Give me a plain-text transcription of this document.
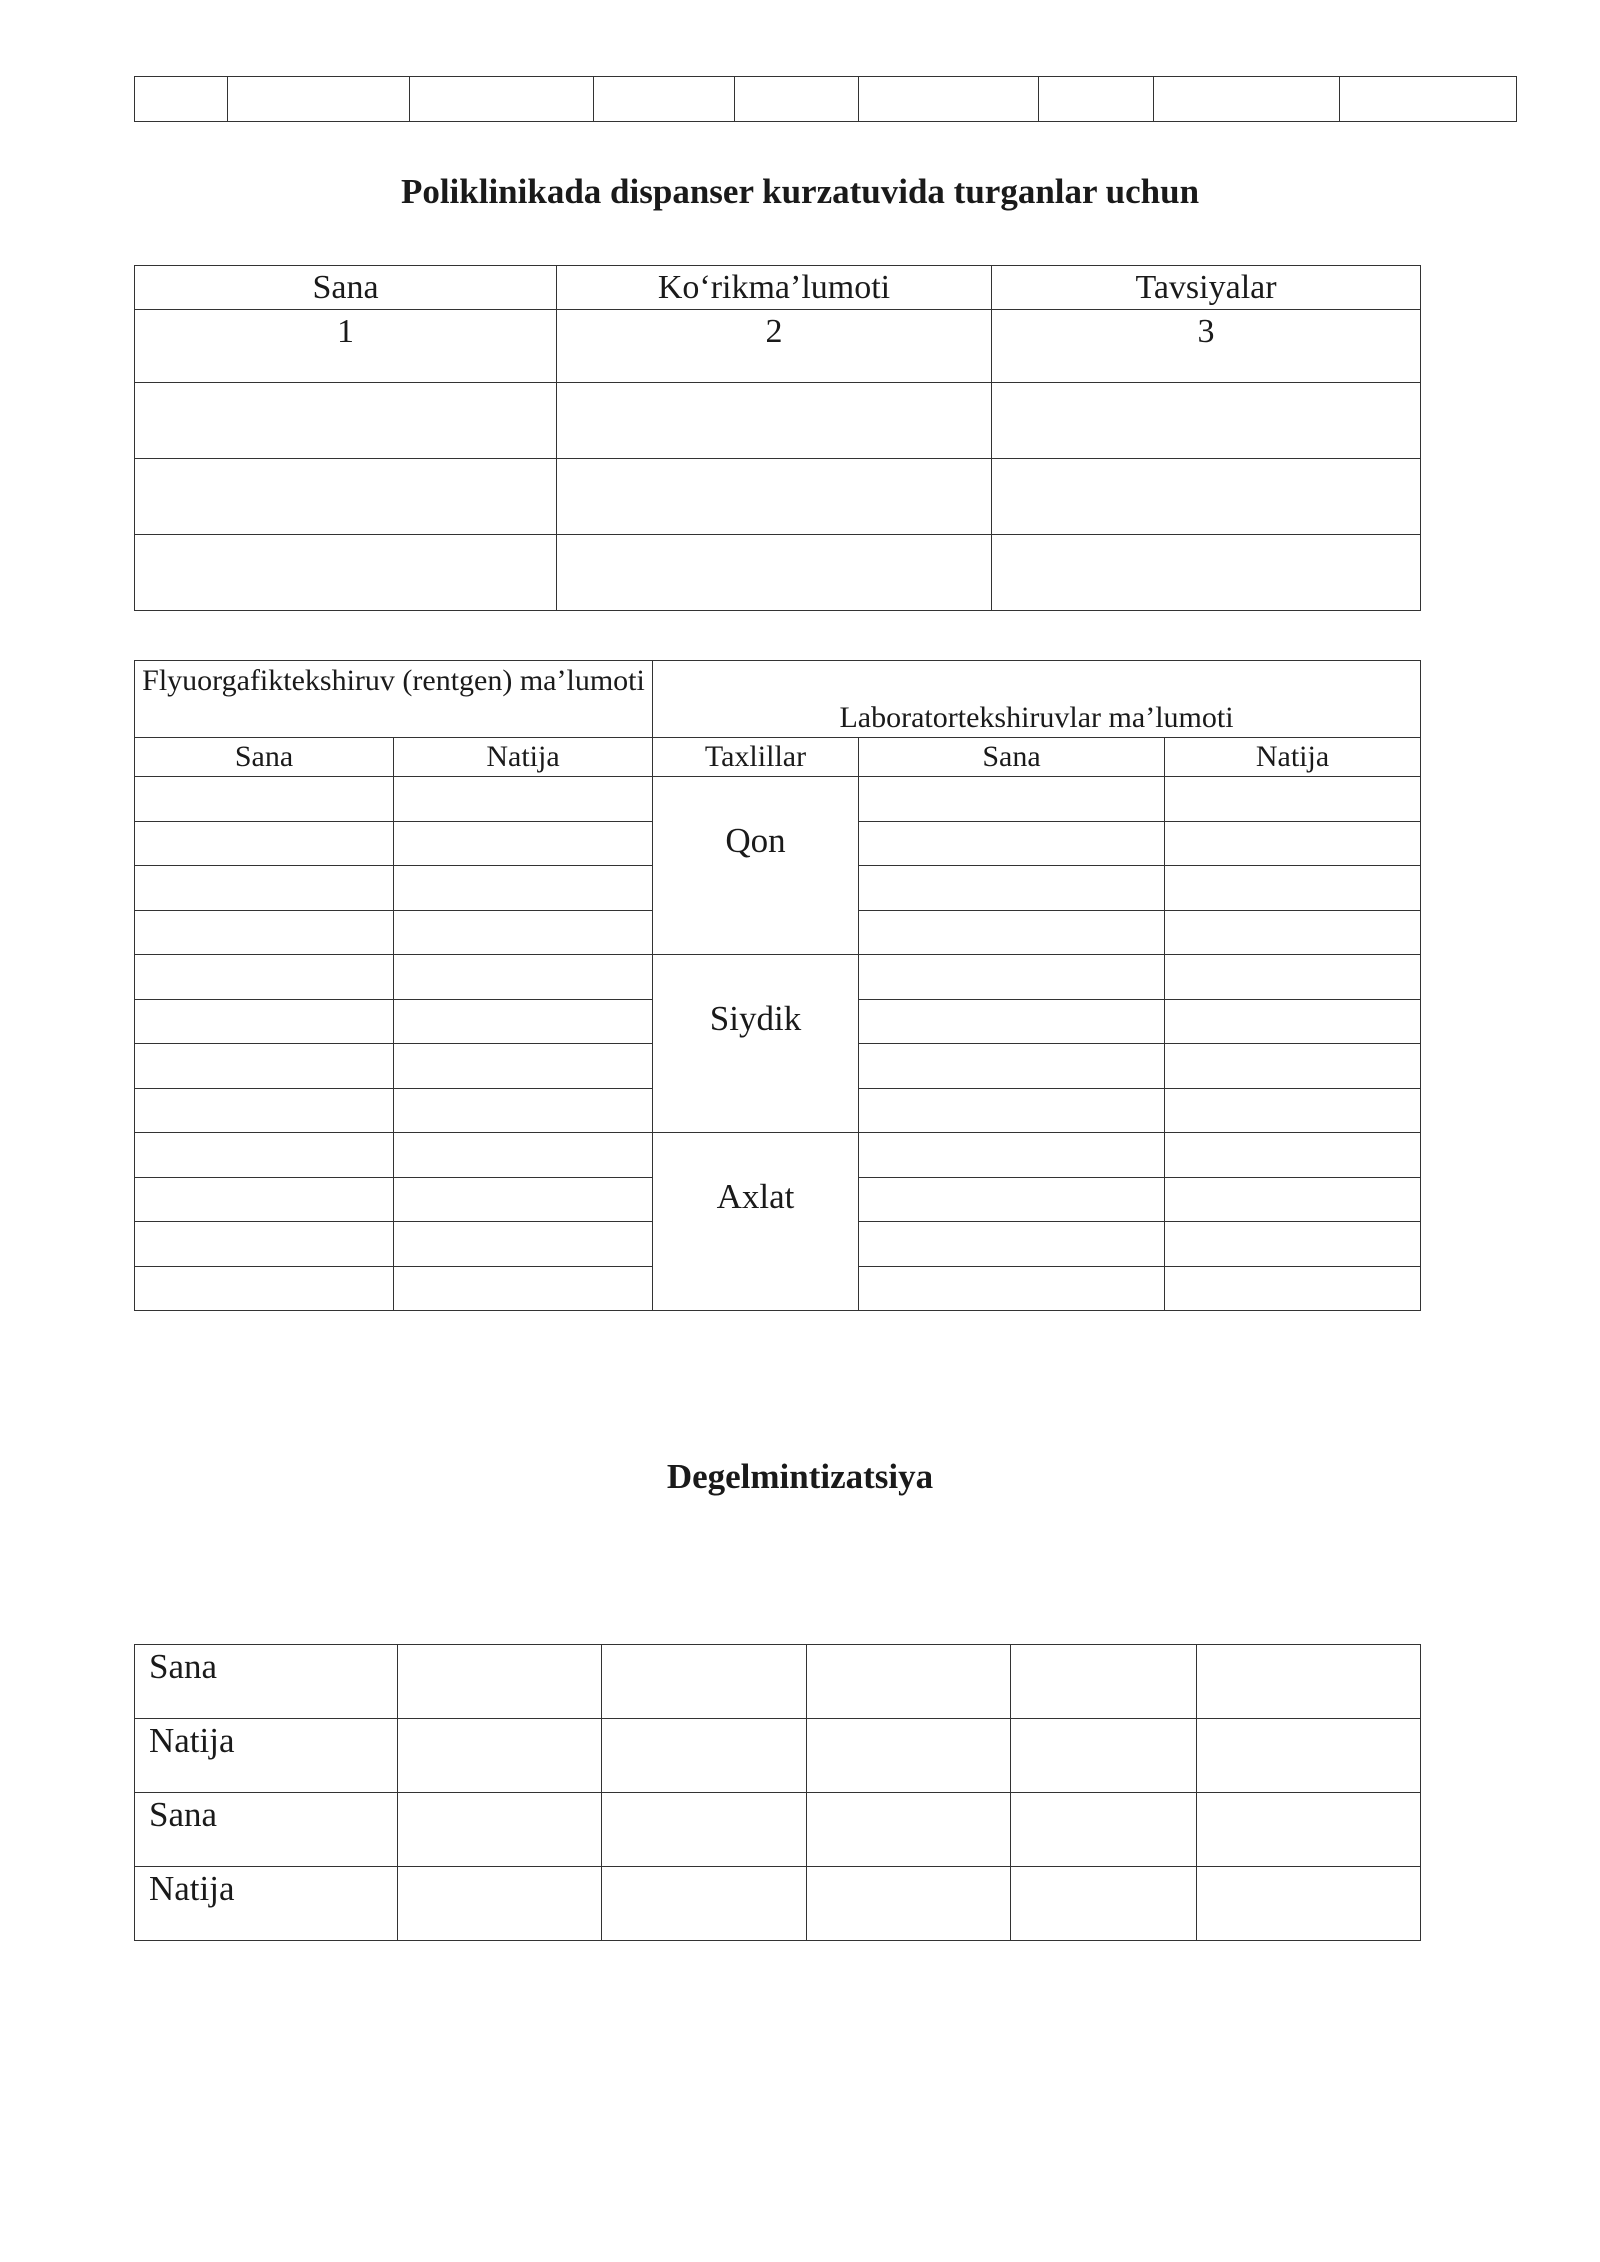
Poliklinikada dispanser kurzatuvida turganlar uchun
Sana	Ko‘rikma’lumoti	Tavsiyalar
1	2	3

Flyuorgafiktekshiruv (rentgen) ma’lumoti		Laboratortekshiruvlar ma’lumoti		
Sana	Natija	Taxlillar	Sana	Natija
		Qon		

		Siydik		

		Axlat		

Degelmintizatsiya
Sana					
Natija					
Sana					
Natija					
